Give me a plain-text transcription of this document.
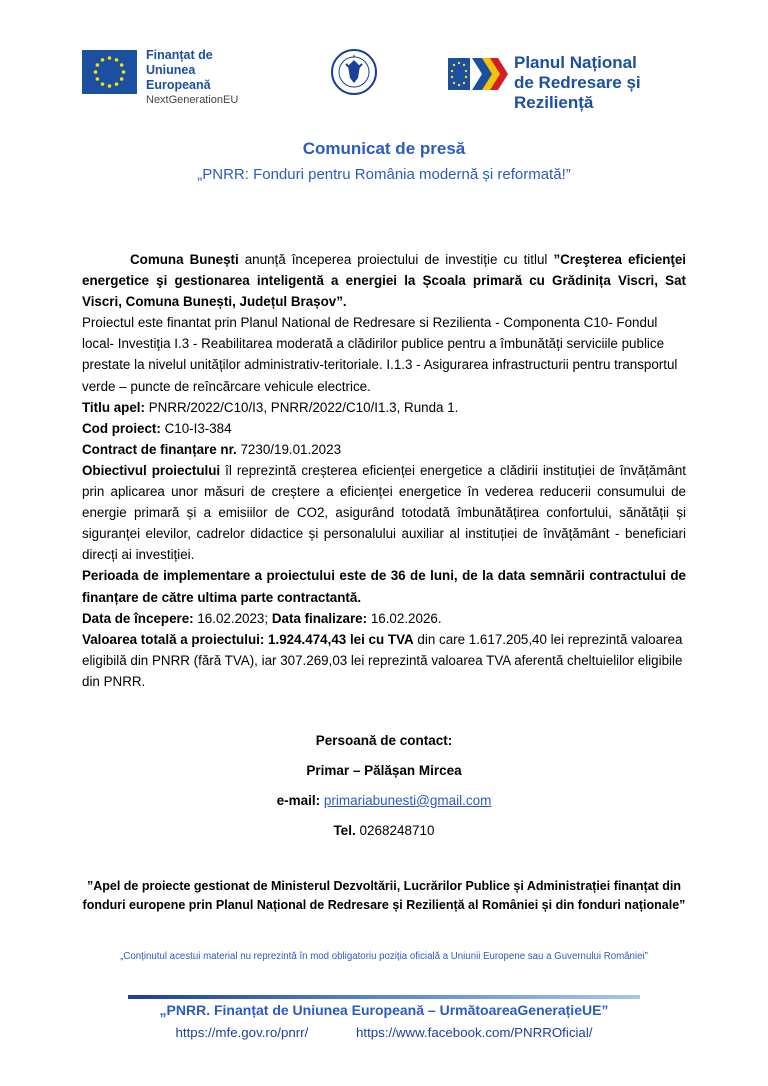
Finanțat de
Uniunea Europeană
NextGenerationEU
Planul Național
de Redresare și Reziliență
Comunicat de presă
„PNRR: Fonduri pentru România modernă și reformată!”

Comuna Bunești anunță începerea proiectului de investiție cu titlul ”Creşterea eficienţei energetice şi gestionarea inteligentă a energiei la Școala primară cu Grădinița Viscri, Sat Viscri, Comuna Bunești, Județul Brașov”.

Proiectul este finantat prin Planul National de Redresare si Rezilienta - Componenta C10- Fondul local- Investiția I.3 - Reabilitarea moderată a clădirilor publice pentru a îmbunătăți serviciile publice prestate la nivelul unităților administrativ-teritoriale. I.1.3 - Asigurarea infrastructurii pentru transportul verde – puncte de reîncărcare vehicule electrice.

Titlu apel: PNRR/2022/C10/I3, PNRR/2022/C10/I1.3, Runda 1.

Cod proiect: C10-I3-384

Contract de finanțare nr. 7230/19.01.2023

Obiectivul proiectului îl reprezintă creșterea eficienței energetice a clădirii instituției de învățământ prin aplicarea unor măsuri de creștere a eficienței energetice în vederea reducerii consumului de energie primară și a emisiilor de CO2, asigurând totodată îmbunătățirea confortului, sănătății și siguranței elevilor, cadrelor didactice și personalului auxiliar al instituției de învățământ - beneficiari direcți ai investiției.

Perioada de implementare a proiectului este de 36 de luni, de la data semnării contractului de finanțare de către ultima parte contractantă.

Data de începere: 16.02.2023; Data finalizare: 16.02.2026.

Valoarea totală a proiectului: 1.924.474,43 lei cu TVA din care 1.617.205,40 lei reprezintă valoarea eligibilă din PNRR (fără TVA), iar 307.269,03 lei reprezintă valoarea TVA aferentă cheltuielilor eligibile din PNRR.

Persoană de contact:
Primar – Pălășan Mircea
e-mail: primariabunesti@gmail.com
Tel. 0268248710
”Apel de proiecte gestionat de Ministerul Dezvoltării, Lucrărilor Publice și Administrației finanțat din fonduri europene prin Planul Național de Redresare și Reziliență al României și din fonduri naționale”
„Conținutul acestui material nu reprezintă în mod obligatoriu poziția oficială a Uniunii Europene sau a Guvernului României”
„PNRR. Finanțat de Uniunea Europeană – UrmătoareaGenerațieUE”
https://mfe.gov.ro/pnrr/	https://www.facebook.com/PNRROficial/
